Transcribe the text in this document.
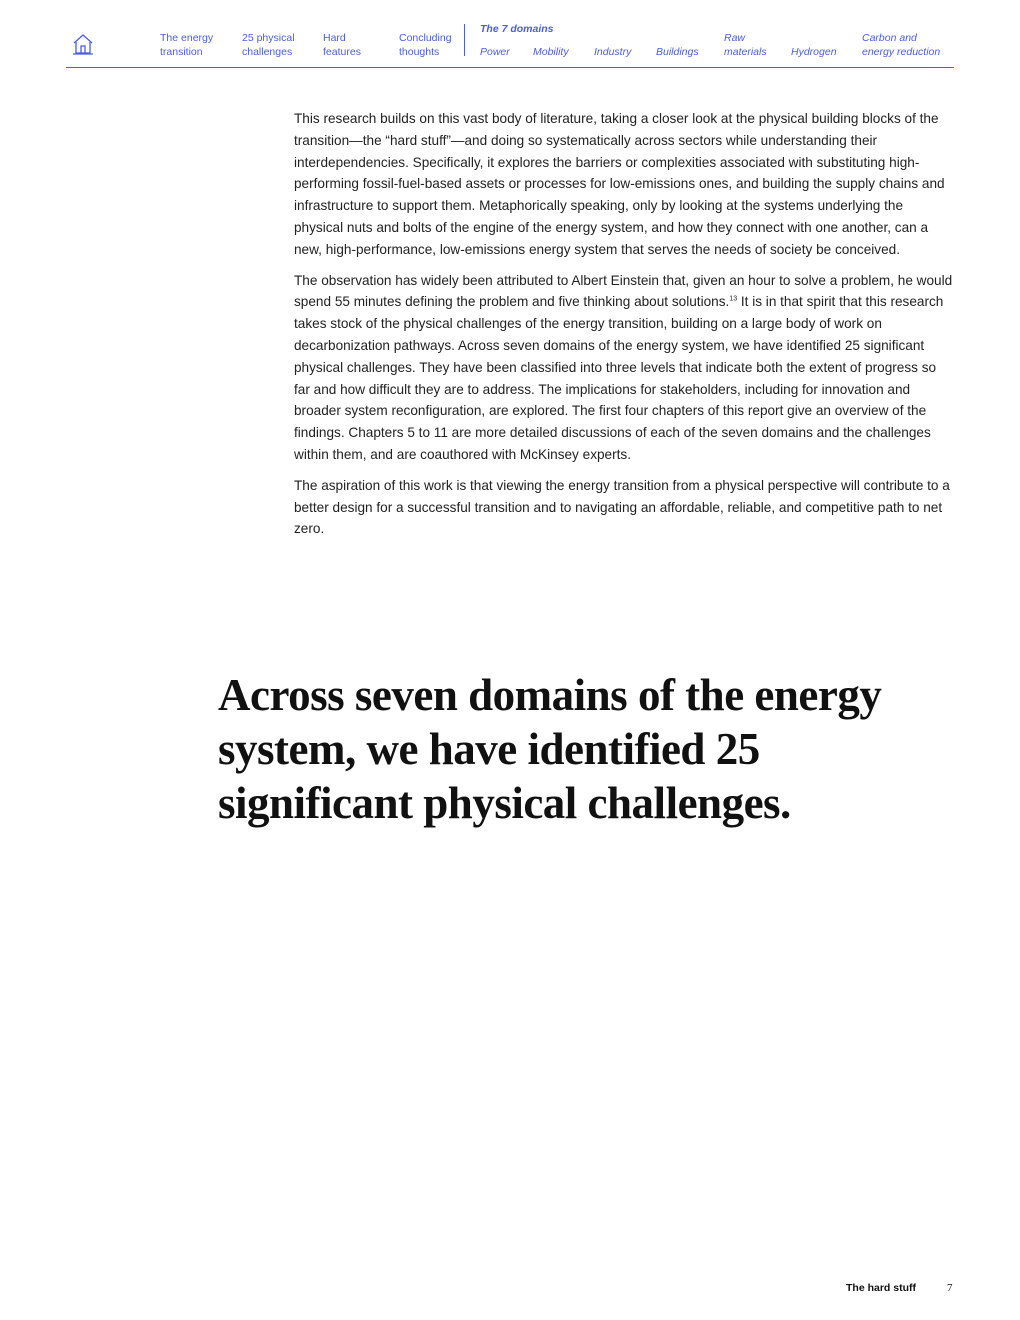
The energy
transition
25 physical
challenges
Hard
features
Concluding
thoughts
The 7 domains
Power Mobility Industry Buildings
Raw
materials Hydrogen
Carbon and
energy reduction

This research builds on this vast body of literature, taking a closer look at the physical building blocks of the transition—the “hard stuff”—and doing so systematically across sectors while understanding their interdependencies. Specifically, it explores the barriers or complexities associated with substituting high-performing fossil-fuel-based assets or processes for low-emissions ones, and building the supply chains and infrastructure to support them. Metaphorically speaking, only by looking at the systems underlying the physical nuts and bolts of the engine of the energy system, and how they connect with one another, can a new, high-performance, low-emissions energy system that serves the needs of society be conceived.

The observation has widely been attributed to Albert Einstein that, given an hour to solve a problem, he would spend 55 minutes defining the problem and five thinking about solutions.$^{13}$ It is in that spirit that this research takes stock of the physical challenges of the energy transition, building on a large body of work on decarbonization pathways. Across seven domains of the energy system, we have identified 25 significant physical challenges. They have been classified into three levels that indicate both the extent of progress so far and how difficult they are to address. The implications for stakeholders, including for innovation and broader system reconfiguration, are explored. The first four chapters of this report give an overview of the findings. Chapters 5 to 11 are more detailed discussions of each of the seven domains and the challenges within them, and are coauthored with McKinsey experts.

The aspiration of this work is that viewing the energy transition from a physical perspective will contribute to a better design for a successful transition and to navigating an affordable, reliable, and competitive path to net zero.

Across seven domains of the energy system, we have identified 25 significant physical challenges.
The hard stuff	7
